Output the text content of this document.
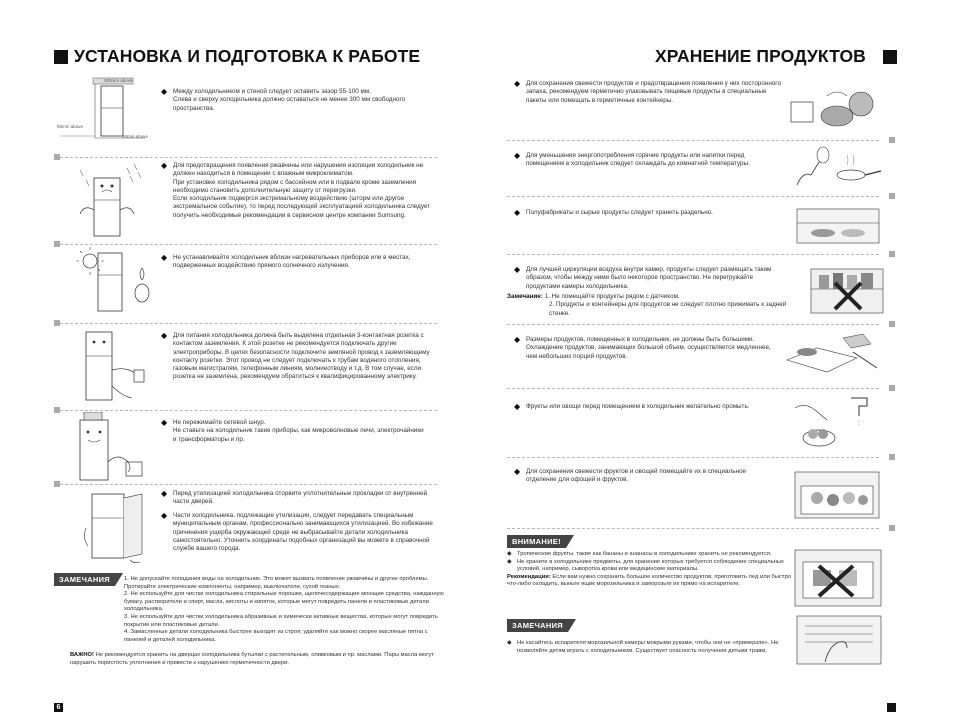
УСТАНОВКА И ПОДГОТОВКА К РАБОТЕ
300mm above
55mm above
50mm above
◆ Между холодильником и стеной следует оставить зазор 55-100 мм.
Слева и сверху холодильника должно оставаться не менее 300 мм свободного пространства.
◆ Для предотвращения появления ржавчины или нарушения изоляции холодильник не должен находиться в помещении с влажным микроклиматом.
При установке холодильника рядом с бассейном или в подвале кроме заземления необходимо становить дополнительную защиту от перегрузки.
Если холодильник подвергся экстремальному воздействию (шторм или другое экстремальное событие), то перед последующей эксплуатацией холодильника следует получить необходимые рекомендации в сервисном центре компании Sumsung.
◆ Не устанавливайте холодильник вблизи нагревательных приборов или в местах, подверженных воздействию прямого солнечного излучения.
◆ Для питания холодильника должна быть выделена отдельная 3-контактная розетка с контактом заземления. К этой розетке не рекомендуется подключать другие электроприборы. В целях безопасности подключите земляной провод к заземляющему контакту розетки. Этот провод не следует подключать к трубам водяного отопления, газовым магистралям, телефонным линиям, молниеотводу и т.д. В том случае, если розетка не заземлена, рекомендуем обратиться к квалифицированному электрику.
◆ Не пережимайте сетевой шнур.
Не ставьте на холодильник такие приборы, как микроволновые печи, электрочайники и трансформаторы и пр.
◆ Перед утилизацией холодильника оторвите уплотнительные прокладки от внутренней части дверей.
◆ Части холодильника, подлежащие утилизации, следует передавать специальным муниципальным органам, профессионально занимающихся утилизацией. Во избежание причинения ущерба окружающей среде не выбрасывайте детали холодильника самостоятельно. Уточнить координаты подобных организаций вы можете в справочной службе вашего города.
ЗАМЕЧАНИЯ	1. Не допускайте попадания воды на холодильник. Это может вызвать появление ржавчины и другие проблемы. Протирайте электрические компоненты, например, выключатели, сухой тканью.
2. Не используйте для чистки холодильника стиральные порошки, щелочесодержащие моющие средства, нажданную бумагу, растворители и спирт, масла, кислоты и кипяток, которые могут повредить панели и пластиковые детали холодильника.
3. Не используйте для чистки холодильника абразивные и химически активные вещества, которые могут повредить покрытие или пластиковые детали.
4. Замасленные детали холодильника быстрее выходят из строя; удаляйте как можно скорее масляные пятна с панелей и деталей холодильника.
ВАЖНО! Не рекомендуется хранить на дверцах холодильника бутылки с растительным, оливковым и пр. маслами. Пары масла могут нарушить пористость уплотнения и привести к нарушению герметичности двери.
6
ХРАНЕНИЕ ПРОДУКТОВ
◆ Для сохранения свежести продуктов и предотвращения появления у них посторонного запаха, рекомендуем герметично упаковывать пищевые продукты в специальные пакеты или помещать в герметичные контейнеры.
◆ Для уменьшения энергопотребления горячие продукты или напитки перед помещением в холодильник следует охлаждать до комнатной температуры.
◆ Полуфабрикаты и сырые продукты следует хранить раздельно.
◆ Для лучшей циркуляции воздуха внутри камер, продукты следует размещать таким образом, чтобы между ними было некоторое пространство. Не перегружайте продуктами камеры холодильника.
Замечание: 1. Не помещайте продукты рядом с датчиком.
2. Продукты и контейнеры для продуктов не следует плотно прижимать к задней стенке.
◆ Размеры продуктов, помещенных в холодильник, не должны быть большими. Охлаждение продуктов, занимающих большой объем, осуществляется медленнее, чем небольших порций продуктов.
◆ Фрукты или овощи перед помещением в холодильник желательно промыть.
◆ Для сохранения свежести фруктов и овощей помещайте их в специальное отделение для офощей и фруктов.
ВНИМАНИЕ!
◆ Тропические фрукты, такие как бананы и ананасы в холодильнике хранить не рекомендуется.
◆ Не храните в холодильнике предметы, для хранение которых требуется соблюдение специальных условий, например, сыворотка крови или медицинские материалы.
Рекомендации: Если вам нужно сохранить большое количество продуктов, приготовить лед или быстро что-либо охладить, выньте ящик морозильника и заморозьте их прямо на испарителе.
ЗАМЕЧАНИЯ
◆ Не касайтесь испарителя морозильной камеры мокрыми руками, чтобы они не «примерзли». Не позволяйте детям играть с холодильником. Существует опасность получения детьми травм.
